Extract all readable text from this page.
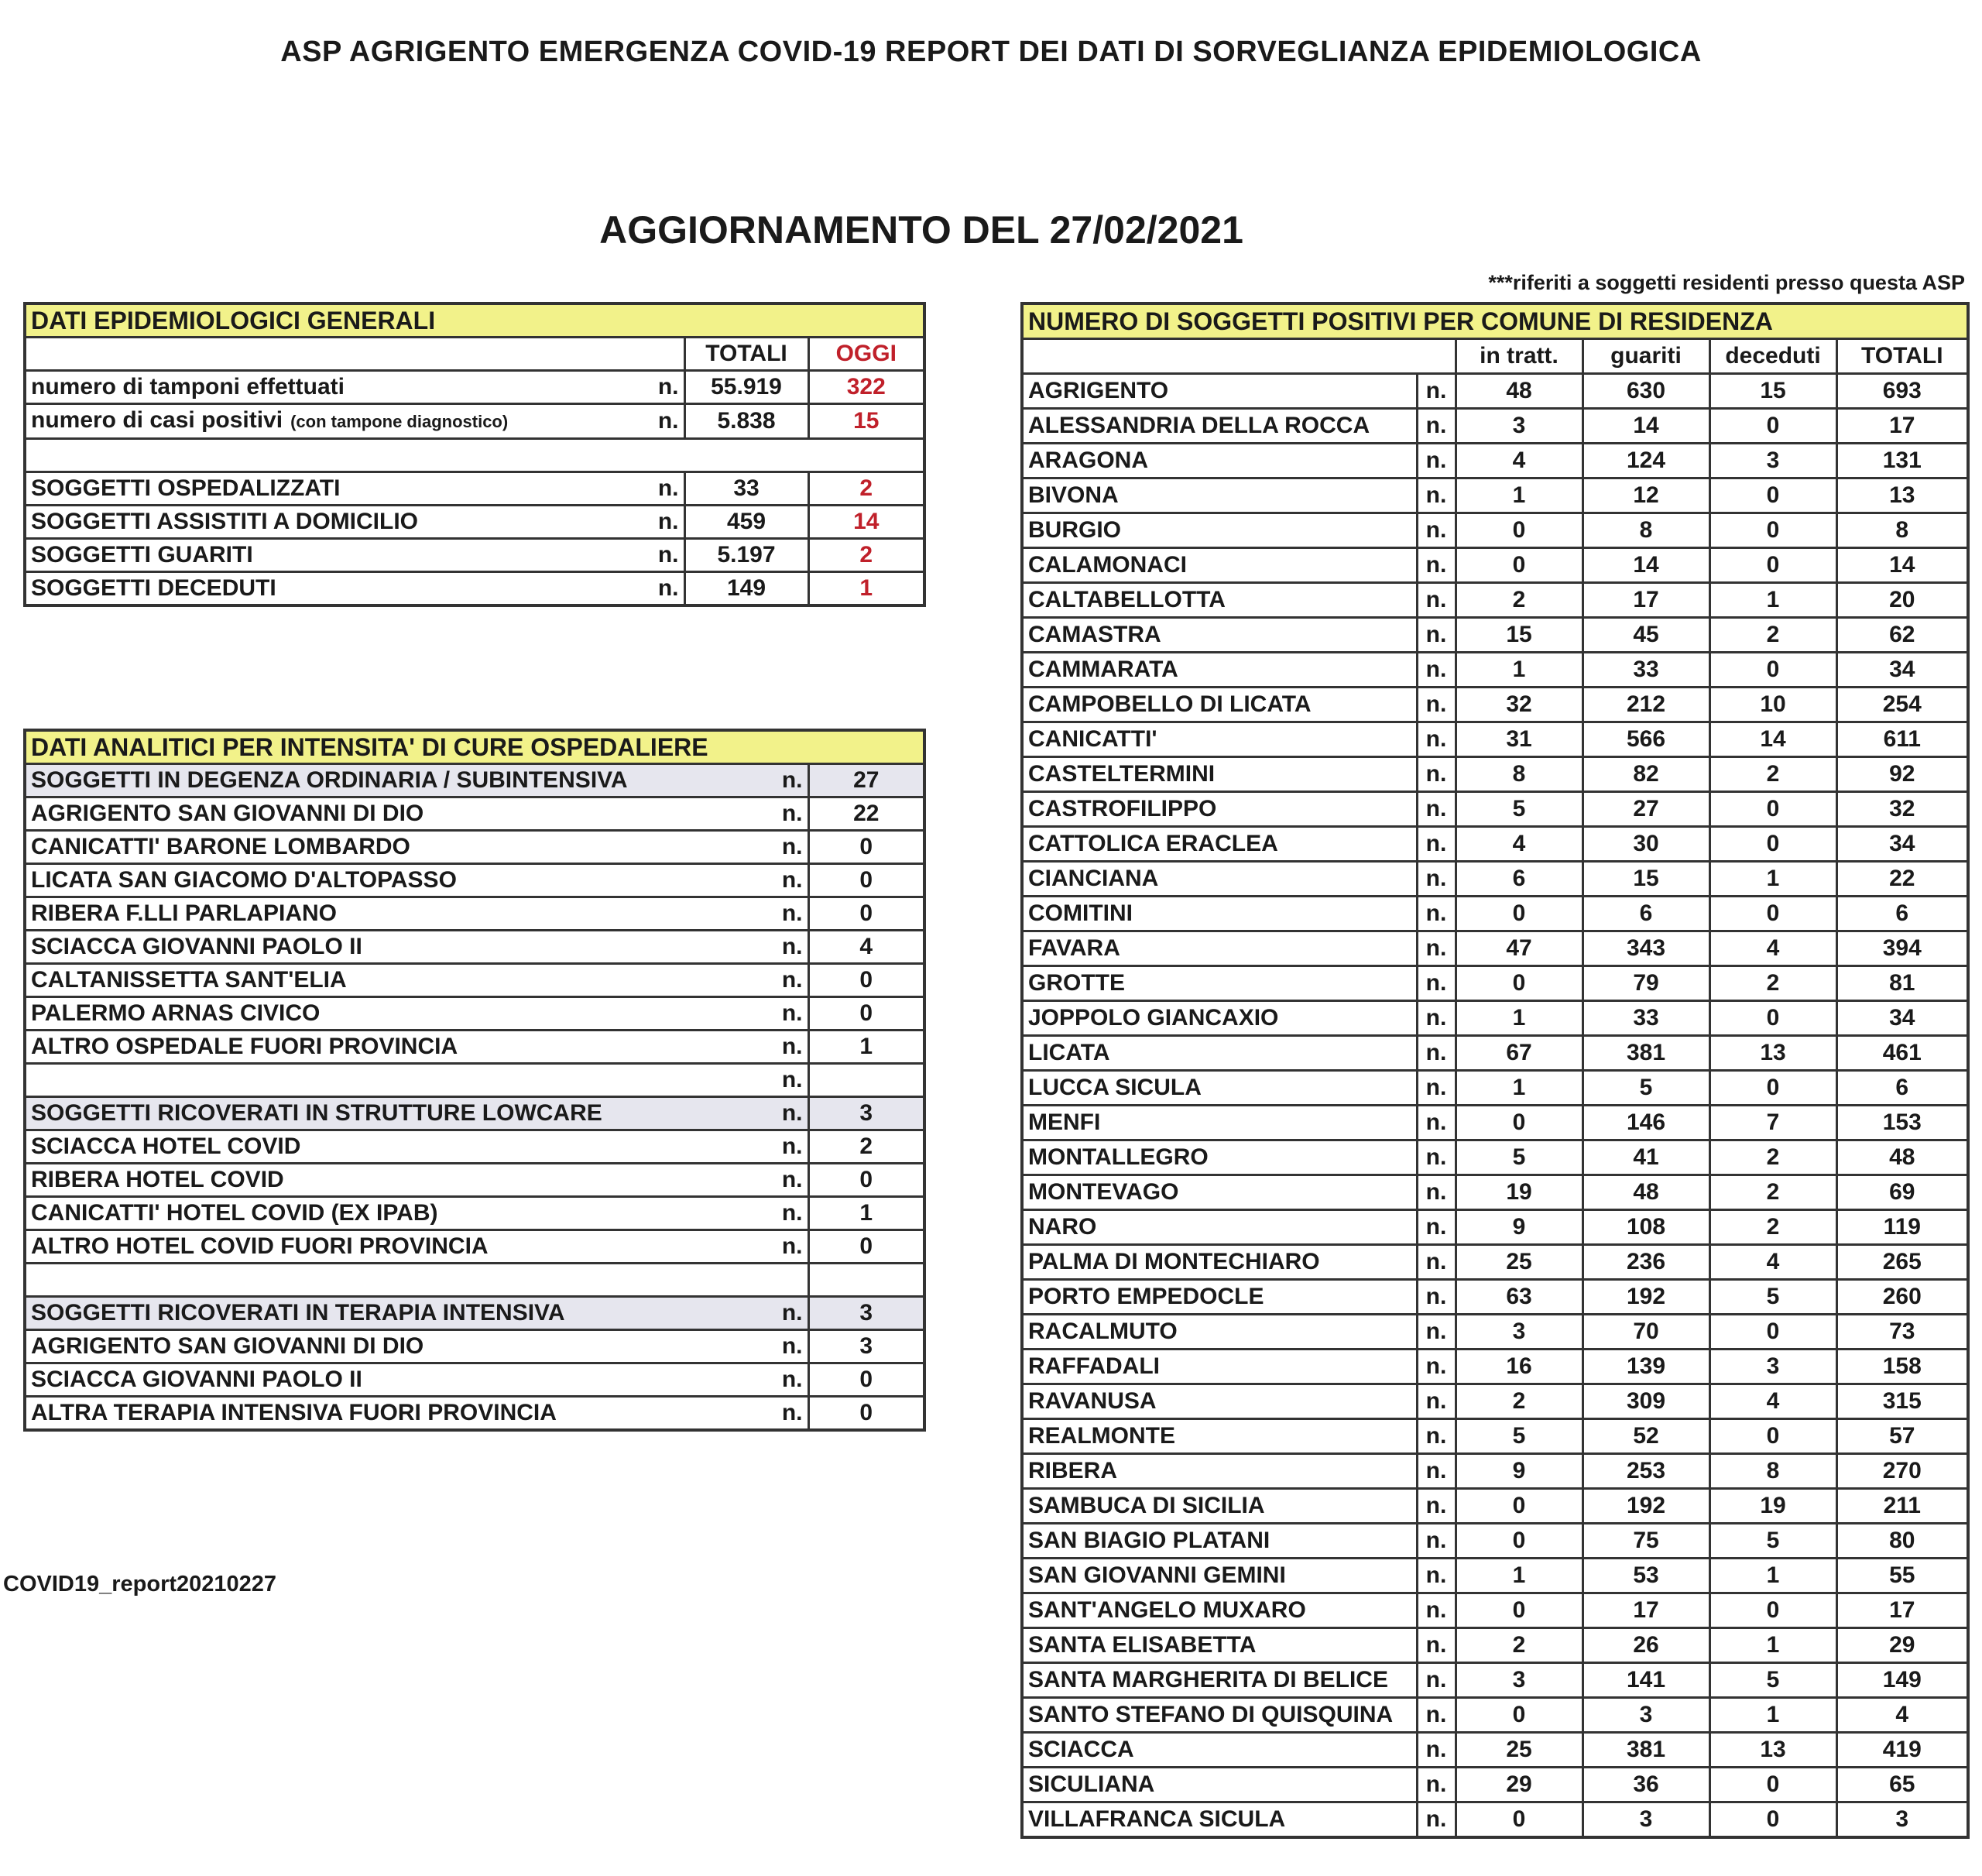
ASP AGRIGENTO EMERGENZA COVID-19 REPORT DEI DATI DI SORVEGLIANZA EPIDEMIOLOGICA
AGGIORNAMENTO DEL 27/02/2021
***riferiti a soggetti residenti presso questa ASP
COVID19_report20210227
DATI EPIDEMIOLOGICI GENERALI			
		TOTALI	OGGI
numero di tamponi effettuati	n.	55.919	322
numero di casi positivi (con tampone diagnostico)	n.	5.838	15

SOGGETTI OSPEDALIZZATI	n.	33	2
SOGGETTI ASSISTITI A DOMICILIO	n.	459	14
SOGGETTI GUARITI	n.	5.197	2
SOGGETTI DECEDUTI	n.	149	1
DATI ANALITICI PER INTENSITA' DI CURE OSPEDALIERE		
SOGGETTI IN DEGENZA ORDINARIA / SUBINTENSIVA	n.	27
AGRIGENTO SAN GIOVANNI DI DIO	n.	22
CANICATTI' BARONE LOMBARDO	n.	0
LICATA SAN GIACOMO D'ALTOPASSO	n.	0
RIBERA F.LLI PARLAPIANO	n.	0
SCIACCA GIOVANNI PAOLO II	n.	4
CALTANISSETTA SANT'ELIA	n.	0
PALERMO ARNAS CIVICO	n.	0
ALTRO OSPEDALE FUORI PROVINCIA	n.	1
	n.	
SOGGETTI RICOVERATI IN STRUTTURE LOWCARE	n.	3
SCIACCA HOTEL COVID	n.	2
RIBERA HOTEL COVID	n.	0
CANICATTI' HOTEL COVID (EX IPAB)	n.	1
ALTRO HOTEL COVID FUORI PROVINCIA	n.	0

SOGGETTI RICOVERATI IN TERAPIA INTENSIVA	n.	3
AGRIGENTO SAN GIOVANNI DI DIO	n.	3
SCIACCA GIOVANNI PAOLO II	n.	0
ALTRA TERAPIA INTENSIVA FUORI PROVINCIA	n.	0
NUMERO DI SOGGETTI POSITIVI PER COMUNE DI RESIDENZA					
		in tratt.	guariti	deceduti	TOTALI
AGRIGENTO	n.	48	630	15	693
ALESSANDRIA DELLA ROCCA	n.	3	14	0	17
ARAGONA	n.	4	124	3	131
BIVONA	n.	1	12	0	13
BURGIO	n.	0	8	0	8
CALAMONACI	n.	0	14	0	14
CALTABELLOTTA	n.	2	17	1	20
CAMASTRA	n.	15	45	2	62
CAMMARATA	n.	1	33	0	34
CAMPOBELLO DI LICATA	n.	32	212	10	254
CANICATTI'	n.	31	566	14	611
CASTELTERMINI	n.	8	82	2	92
CASTROFILIPPO	n.	5	27	0	32
CATTOLICA ERACLEA	n.	4	30	0	34
CIANCIANA	n.	6	15	1	22
COMITINI	n.	0	6	0	6
FAVARA	n.	47	343	4	394
GROTTE	n.	0	79	2	81
JOPPOLO GIANCAXIO	n.	1	33	0	34
LICATA	n.	67	381	13	461
LUCCA SICULA	n.	1	5	0	6
MENFI	n.	0	146	7	153
MONTALLEGRO	n.	5	41	2	48
MONTEVAGO	n.	19	48	2	69
NARO	n.	9	108	2	119
PALMA DI MONTECHIARO	n.	25	236	4	265
PORTO EMPEDOCLE	n.	63	192	5	260
RACALMUTO	n.	3	70	0	73
RAFFADALI	n.	16	139	3	158
RAVANUSA	n.	2	309	4	315
REALMONTE	n.	5	52	0	57
RIBERA	n.	9	253	8	270
SAMBUCA DI SICILIA	n.	0	192	19	211
SAN BIAGIO PLATANI	n.	0	75	5	80
SAN GIOVANNI GEMINI	n.	1	53	1	55
SANT'ANGELO MUXARO	n.	0	17	0	17
SANTA ELISABETTA	n.	2	26	1	29
SANTA MARGHERITA DI BELICE	n.	3	141	5	149
SANTO STEFANO DI QUISQUINA	n.	0	3	1	4
SCIACCA	n.	25	381	13	419
SICULIANA	n.	29	36	0	65
VILLAFRANCA SICULA	n.	0	3	0	3
